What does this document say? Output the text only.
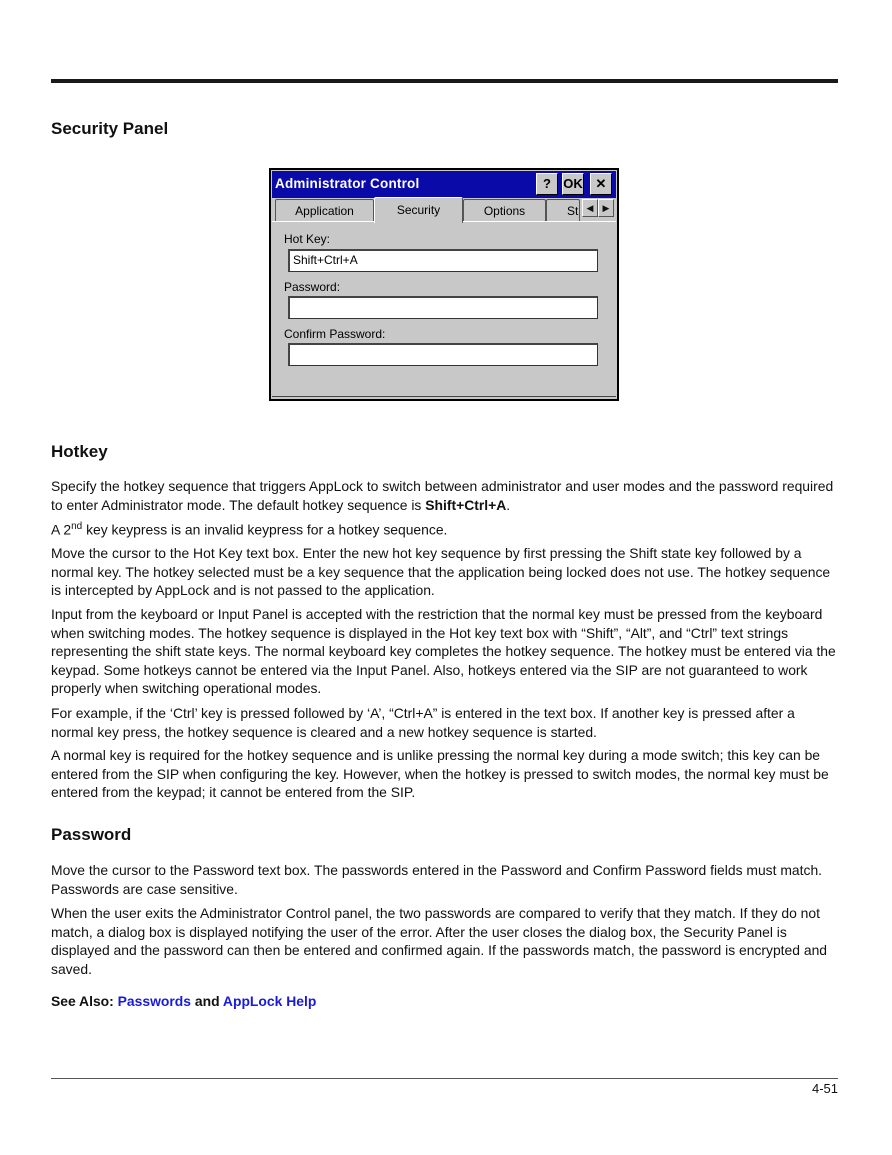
Security Panel
Administrator Control	? OK ✕
Application	Security	Options	St ◀	▶
Hot Key:
Shift+Ctrl+A
Password:
Confirm Password:
Hotkey

Specify the hotkey sequence that triggers AppLock to switch between administrator and user modes and the password required to enter Administrator mode. The default hotkey sequence is Shift+Ctrl+A.

A 2nd key keypress is an invalid keypress for a hotkey sequence.

Move the cursor to the Hot Key text box. Enter the new hot key sequence by first pressing the Shift state key followed by a normal key. The hotkey selected must be a key sequence that the application being locked does not use. The hotkey sequence is intercepted by AppLock and is not passed to the application.

Input from the keyboard or Input Panel is accepted with the restriction that the normal key must be pressed from the keyboard when switching modes. The hotkey sequence is displayed in the Hot key text box with “Shift”, “Alt”, and “Ctrl” text strings representing the shift state keys. The normal keyboard key completes the hotkey sequence. The hotkey must be entered via the keypad. Some hotkeys cannot be entered via the Input Panel. Also, hotkeys entered via the SIP are not guaranteed to work properly when switching operational modes.

For example, if the ‘Ctrl’ key is pressed followed by ‘A’, “Ctrl+A” is entered in the text box. If another key is pressed after a normal key press, the hotkey sequence is cleared and a new hotkey sequence is started.

A normal key is required for the hotkey sequence and is unlike pressing the normal key during a mode switch; this key can be entered from the SIP when configuring the key. However, when the hotkey is pressed to switch modes, the normal key must be entered from the keypad; it cannot be entered from the SIP.

Password

Move the cursor to the Password text box. The passwords entered in the Password and Confirm Password fields must match. Passwords are case sensitive.

When the user exits the Administrator Control panel, the two passwords are compared to verify that they match. If they do not match, a dialog box is displayed notifying the user of the error. After the user closes the dialog box, the Security Panel is displayed and the password can then be entered and confirmed again. If the passwords match, the password is encrypted and saved.

See Also: Passwords and AppLock Help

4-51
